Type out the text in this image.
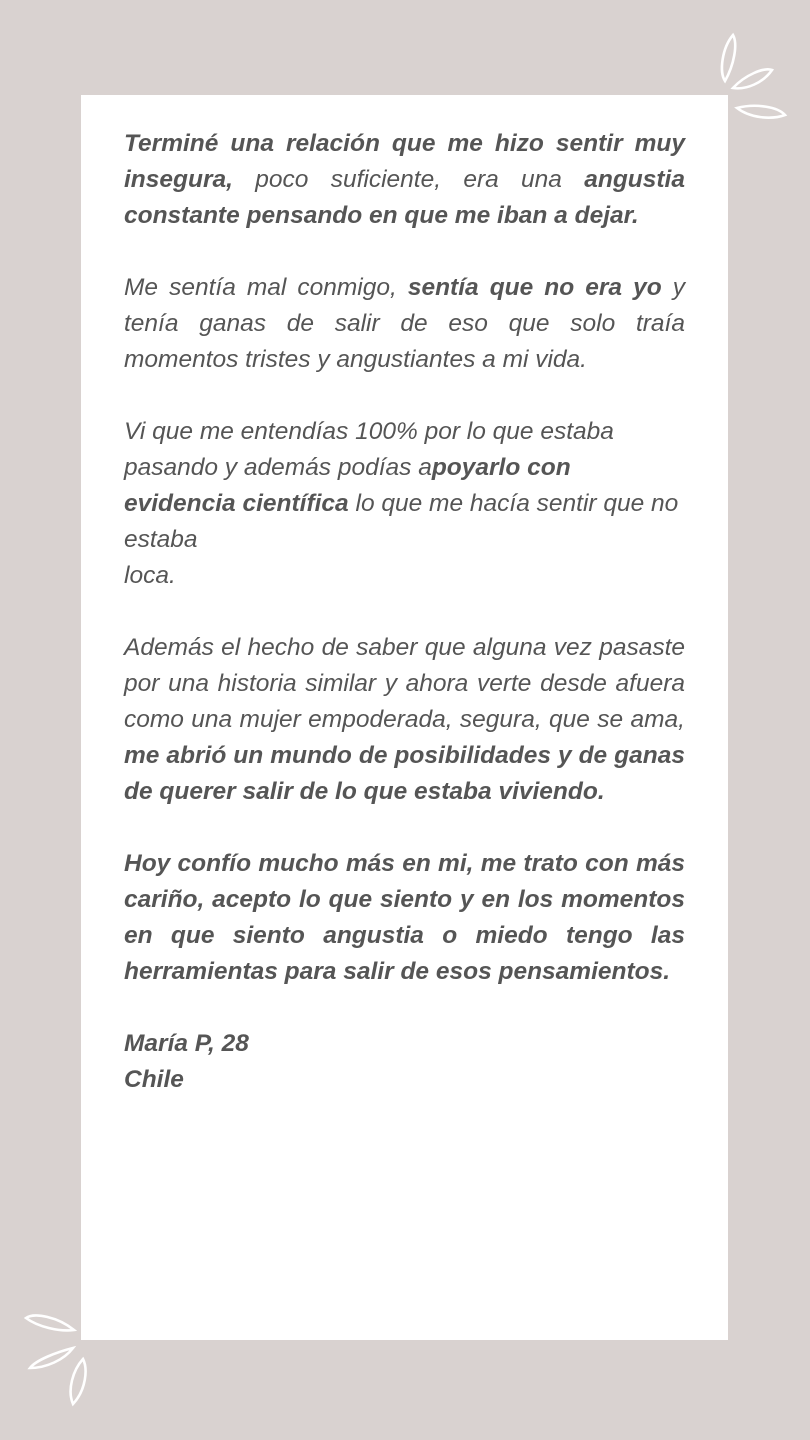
Terminé una relación que me hizo sentir muy insegura, poco suficiente, era una angustia constante pensando en que me iban a dejar.

Me sentía mal conmigo, sentía que no era yo y tenía ganas de salir de eso que solo traía momentos tristes y angustiantes a mi vida.

Vi que me entendías 100% por lo que estaba pasando y además podías apoyarlo con evidencia científica lo que me hacía sentir que no estaba
loca.

Además el hecho de saber que alguna vez pasaste por una historia similar y ahora verte desde afuera como una mujer empoderada, segura, que se ama, me abrió un mundo de posibilidades y de ganas de querer salir de lo que estaba viviendo.

Hoy confío mucho más en mi, me trato con más cariño, acepto lo que siento y en los momentos en que siento angustia o miedo tengo las herramientas para salir de esos pensamientos.

María P, 28
Chile
